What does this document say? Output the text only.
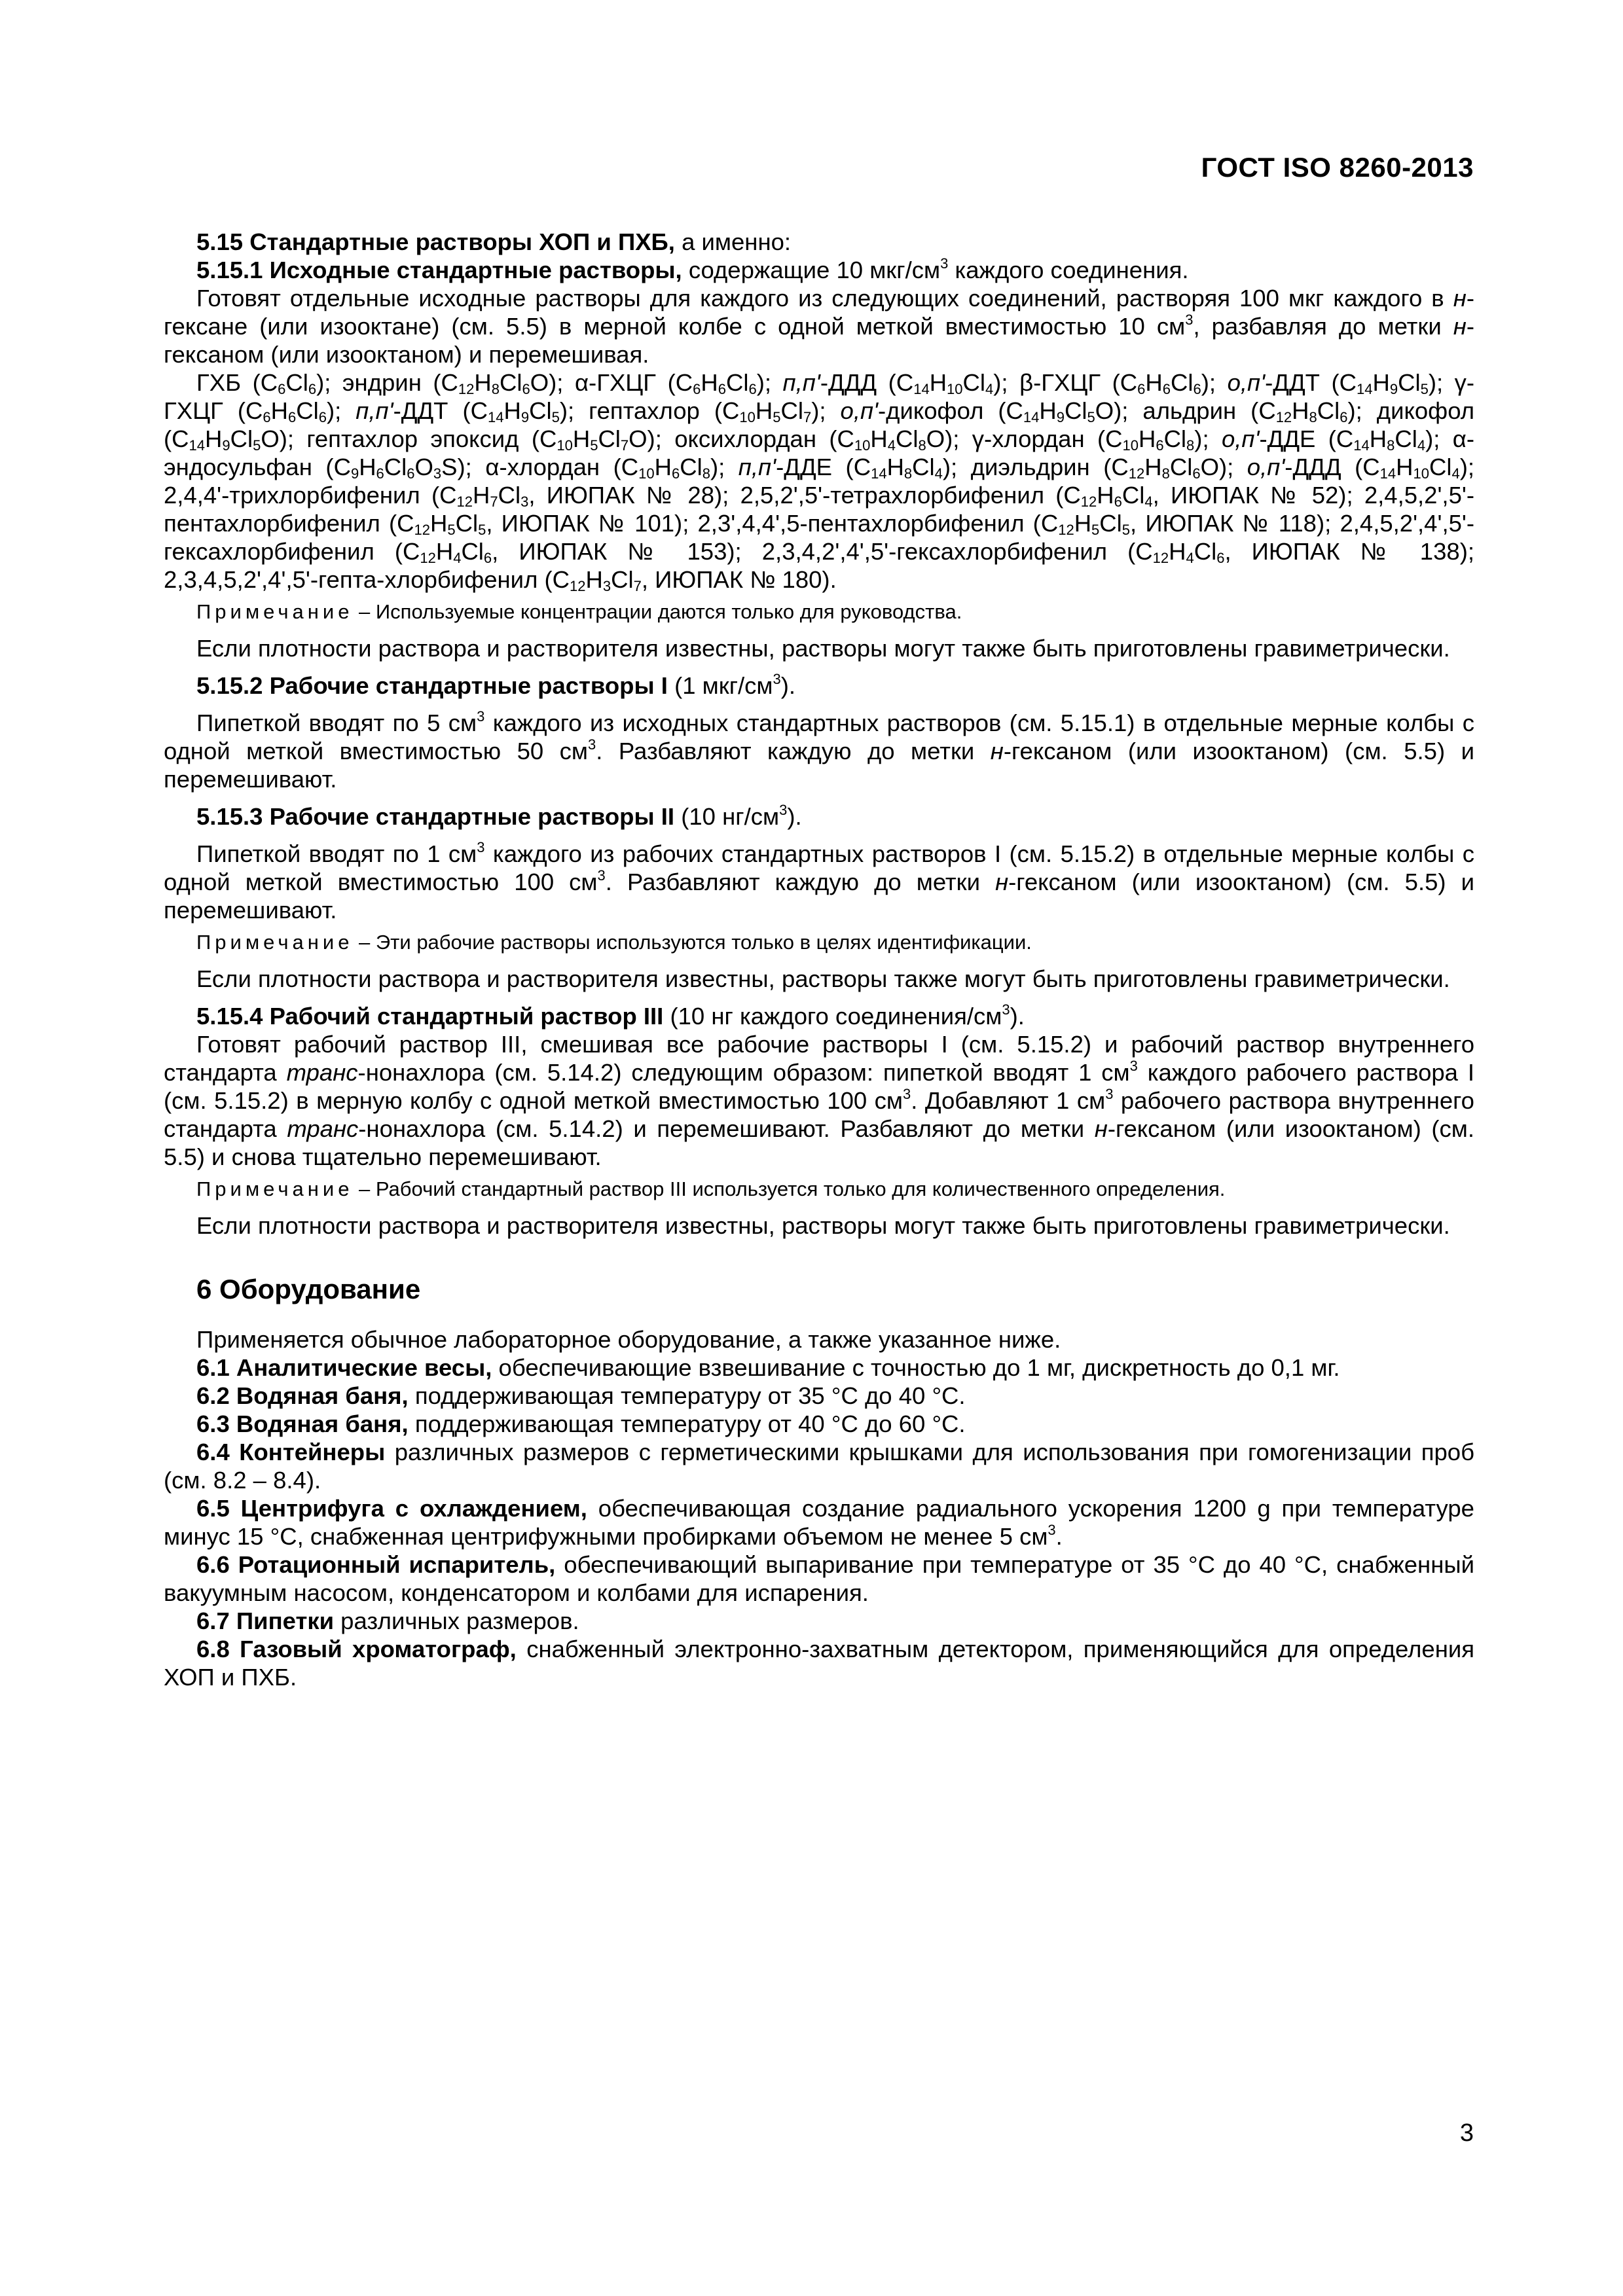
ГОСТ ISO 8260-2013

5.15 Стандартные растворы ХОП и ПХБ, а именно:

5.15.1 Исходные стандартные растворы, содержащие 10 мкг/$см^3$ каждого соединения.

Готовят отдельные исходные растворы для каждого из следующих соединений, растворяя 100 мкг каждого в н-гексане (или изооктане) (см. 5.5) в мерной колбе с одной меткой вместимостью 10 $см^3$, разбавляя до метки н-гексаном (или изооктаном) и перемешивая.

ГХБ $(С_6Cl_6)$; эндрин $(С_{12}H_8Cl_6O)$; α-ГХЦГ $(С_6H_6Cl_6)$; п,п'-ДДД $(С_{14}H_{10}Cl_4)$; β-ГХЦГ $(С_6H_6Cl_6)$; о,п'-ДДТ $(С_{14}H_9Cl_5)$; γ-ГХЦГ $(С_6H_6Cl_6)$; п,п'-ДДТ $(С_{14}H_9Cl_5)$; гептахлор $(С_{10}H_5Cl_7)$; о,п'-дикофол $(С_{14}H_9Cl_5O)$; альдрин $(С_{12}H_8Cl_6)$; дикофол $(С_{14}H_9Cl_5O)$; гептахлор эпоксид $(С_{10}H_5Cl_7O)$; оксихлордан $(С_{10}H_4Cl_8O)$; γ-хлордан $(С_{10}H_6Cl_8)$; о,п'-ДДЕ $(С_{14}H_8Cl_4)$; α-эндосульфан $(С_9H_6Cl_6O_3S)$; α-хлордан $(С_{10}H_6Cl_8)$; п,п'-ДДЕ $(С_{14}H_8Cl_4)$; диэльдрин $(С_{12}H_8Cl_6O)$; о,п'-ДДД $(С_{14}H_{10}Cl_4)$; 2,4,4'-трихлорбифенил ($С_{12}H_7Cl_3$, ИЮПАК № 28); 2,5,2',5'-тетрахлорбифенил ($С_{12}H_6Cl_4$, ИЮПАК № 52); 2,4,5,2',5'-пентахлорбифенил ($С_{12}H_5Cl_5$, ИЮПАК № 101); 2,3',4,4',5-пентахлорбифенил ($С_{12}H_5Cl_5$, ИЮПАК № 118); 2,4,5,2',4',5'-гексахлорбифенил ($С_{12}H_4Cl_6$, ИЮПАК № 153); 2,3,4,2',4',5'-гексахлорбифенил ($С_{12}H_4Cl_6$, ИЮПАК № 138); 2,3,4,5,2',4',5'-гепта-хлорбифенил ($С_{12}H_3Cl_7$, ИЮПАК № 180).

Примечание – Используемые концентрации даются только для руководства.

Если плотности раствора и растворителя известны, растворы могут также быть приготовлены гравиметрически.

5.15.2 Рабочие стандартные растворы I (1 мкг/$см^3$).

Пипеткой вводят по 5 $см^3$ каждого из исходных стандартных растворов (см. 5.15.1) в отдельные мерные колбы с одной меткой вместимостью 50 $см^3$. Разбавляют каждую до метки н-гексаном (или изооктаном) (см. 5.5) и перемешивают.

5.15.3 Рабочие стандартные растворы II (10 $нг/см^3$).

Пипеткой вводят по 1 $см^3$ каждого из рабочих стандартных растворов I (см. 5.15.2) в отдельные мерные колбы с одной меткой вместимостью 100 $см^3$. Разбавляют каждую до метки н-гексаном (или изооктаном) (см. 5.5) и перемешивают.

Примечание – Эти рабочие растворы используются только в целях идентификации.

Если плотности раствора и растворителя известны, растворы также могут быть приготовлены гравиметрически.

5.15.4 Рабочий стандартный раствор III (10 нг каждого соединения/$см^3$).

Готовят рабочий раствор III, смешивая все рабочие растворы I (см. 5.15.2) и рабочий раствор внутреннего стандарта транс-нонахлора (см. 5.14.2) следующим образом: пипеткой вводят 1 $см^3$ каждого рабочего раствора I (см. 5.15.2) в мерную колбу с одной меткой вместимостью 100 $см^3$. Добавляют 1 $см^3$ рабочего раствора внутреннего стандарта транс-нонахлора (см. 5.14.2) и перемешивают. Разбавляют до метки н-гексаном (или изооктаном) (см. 5.5) и снова тщательно перемешивают.

Примечание – Рабочий стандартный раствор III используется только для количественного определения.

Если плотности раствора и растворителя известны, растворы могут также быть приготовлены гравиметрически.

6 Оборудование

Применяется обычное лабораторное оборудование, а также указанное ниже.

6.1 Аналитические весы, обеспечивающие взвешивание с точностью до 1 мг, дискретность до 0,1 мг.

6.2 Водяная баня, поддерживающая температуру от 35 °С до 40 °С.

6.3 Водяная баня, поддерживающая температуру от 40 °С до 60 °С.

6.4 Контейнеры различных размеров с герметическими крышками для использования при гомогенизации проб (см. 8.2 – 8.4).

6.5 Центрифуга с охлаждением, обеспечивающая создание радиального ускорения 1200 g при температуре минус 15 °С, снабженная центрифужными пробирками объемом не менее 5 $см^3$.

6.6 Ротационный испаритель, обеспечивающий выпаривание при температуре от 35 °С до 40 °С, снабженный вакуумным насосом, конденсатором и колбами для испарения.

6.7 Пипетки различных размеров.

6.8 Газовый хроматограф, снабженный электронно-захватным детектором, применяющийся для определения ХОП и ПХБ.

3
